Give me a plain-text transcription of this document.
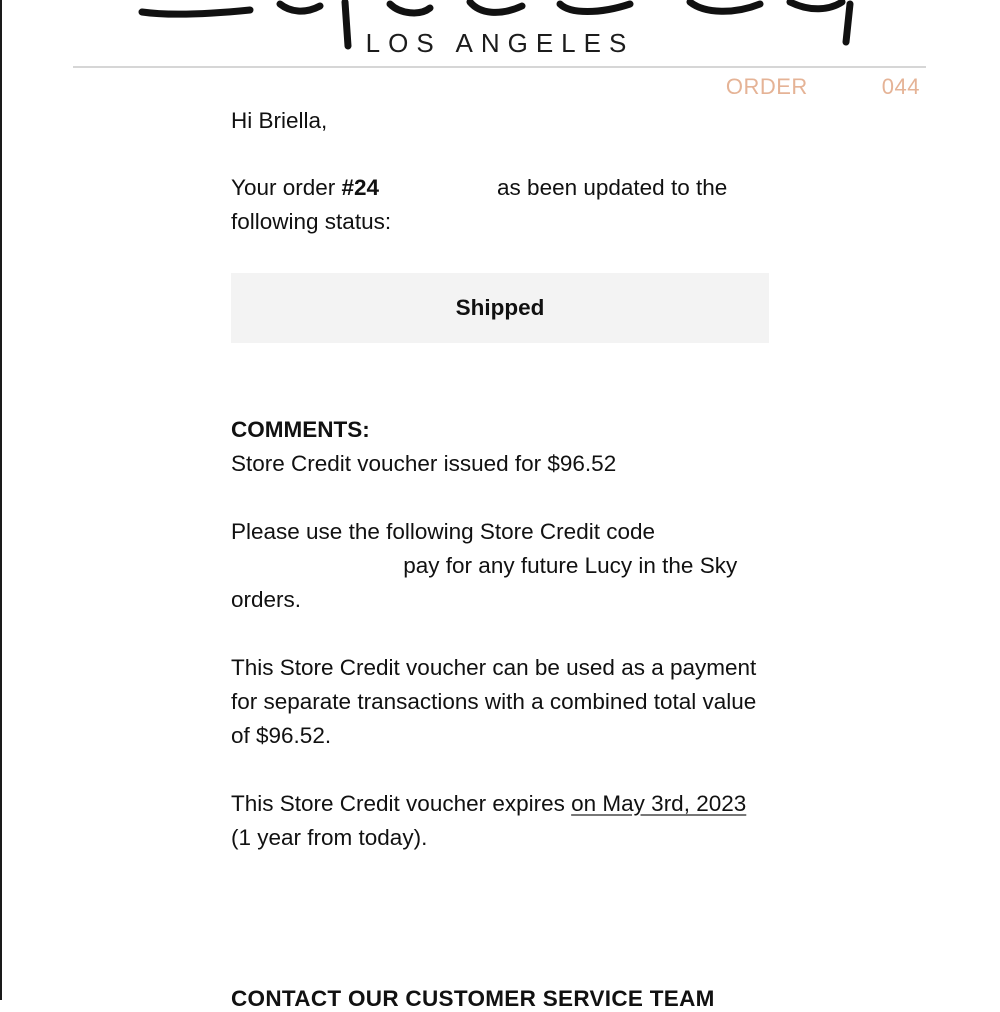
LOS ANGELES
ORDER	044

Hi Briella,

Your order #24	as been updated to the following status:

Shipped

COMMENTS:

Store Credit voucher issued for $96.52

Please use the following Store Credit code
pay for any future Lucy in the Sky orders.

This Store Credit voucher can be used as a payment for separate transactions with a combined total value of $96.52.

This Store Credit voucher expires on May 3rd, 2023 (1 year from today).

CONTACT OUR CUSTOMER SERVICE TEAM
